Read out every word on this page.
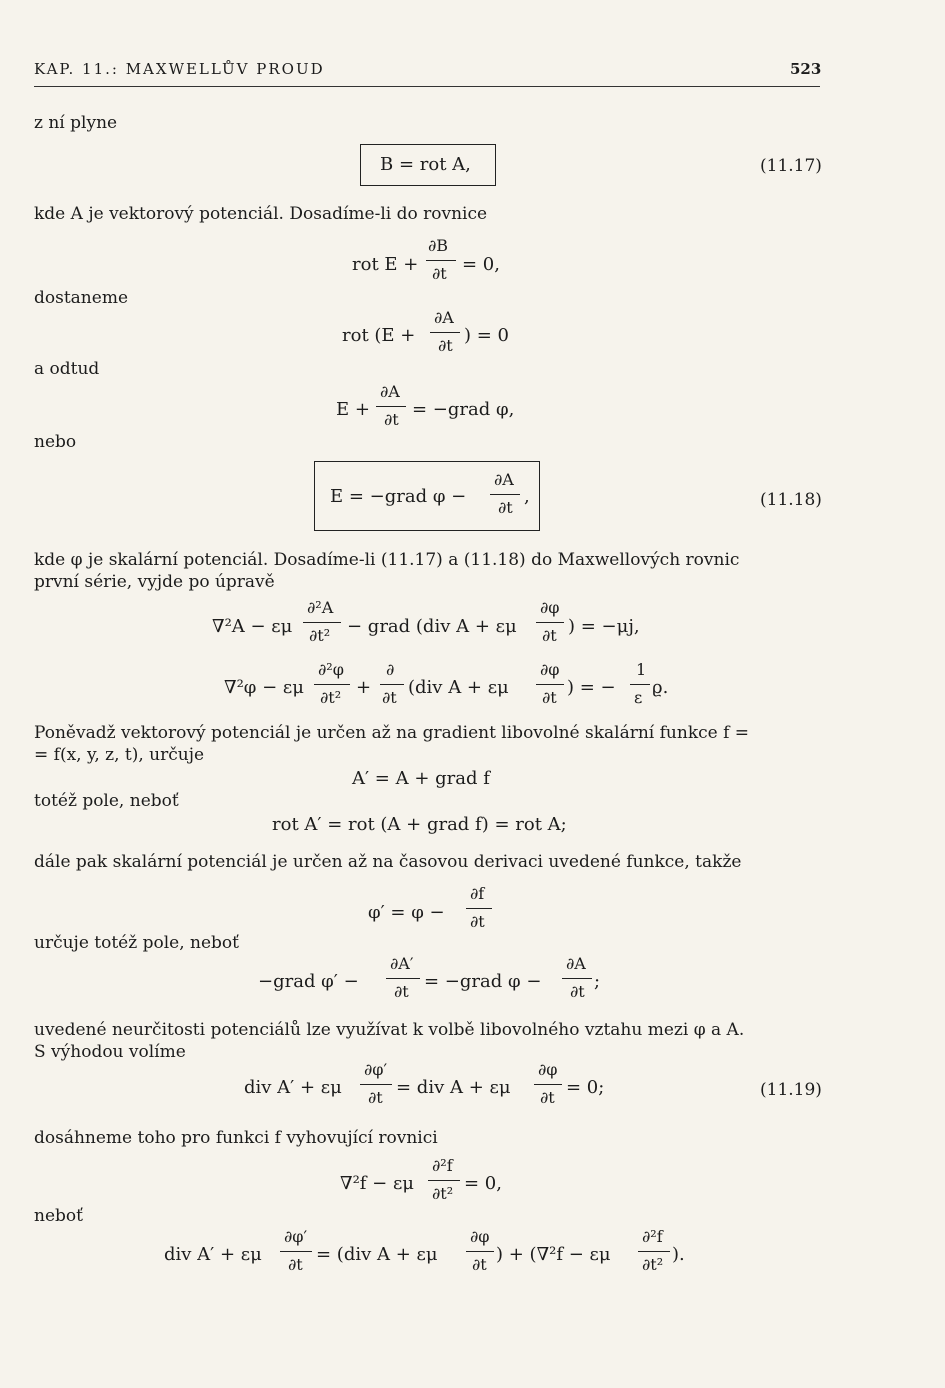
KAP. 11.: MAXWELLŮV PROUD	523
z ní plyne
B = rot A,	(11.17)
kde A je vektorový potenciál. Dosadíme-li do rovnice
rot E +
∂B
∂t = 0,
dostaneme
rot (E +
∂A
∂t ) = 0
a odtud
E +
∂A
∂t = −grad φ,
nebo
E = −grad φ −
∂A
∂t
,	(11.18)
kde φ je skalární potenciál. Dosadíme-li (11.17) a (11.18) do Maxwellových rovnic
první série, vyjde po úpravě
∇²A − εμ
∂²A
∂t² − grad (div A + εμ
∂φ
∂t ) = −μj,
∇²φ − εμ
∂²φ
∂t² +
∂
∂t (div A + εμ
∂φ
∂t ) = −
1
ε ϱ.
Poněvadž vektorový potenciál je určen až na gradient libovolné skalární funkce f =
= f(x, y, z, t), určuje
A′ = A + grad f
totéž pole, neboť
rot A′ = rot (A + grad f) = rot A;
dále pak skalární potenciál je určen až na časovou derivaci uvedené funkce, takže
φ′ = φ −
∂f
∂t
určuje totéž pole, neboť
−grad φ′ −
∂A′
∂t = −grad φ −
∂A
∂t ;
uvedené neurčitosti potenciálů lze využívat k volbě libovolného vztahu mezi φ a A.
S výhodou volíme
div A′ + εμ
∂φ′
∂t = div A + εμ
∂φ
∂t = 0;	(11.19)
dosáhneme toho pro funkci f vyhovující rovnici
∇²f − εμ
∂²f
∂t² = 0,
neboť
div A′ + εμ
∂φ′
∂t = (div A + εμ
∂φ
∂t ) + (∇²f − εμ
∂²f
∂t² ).
